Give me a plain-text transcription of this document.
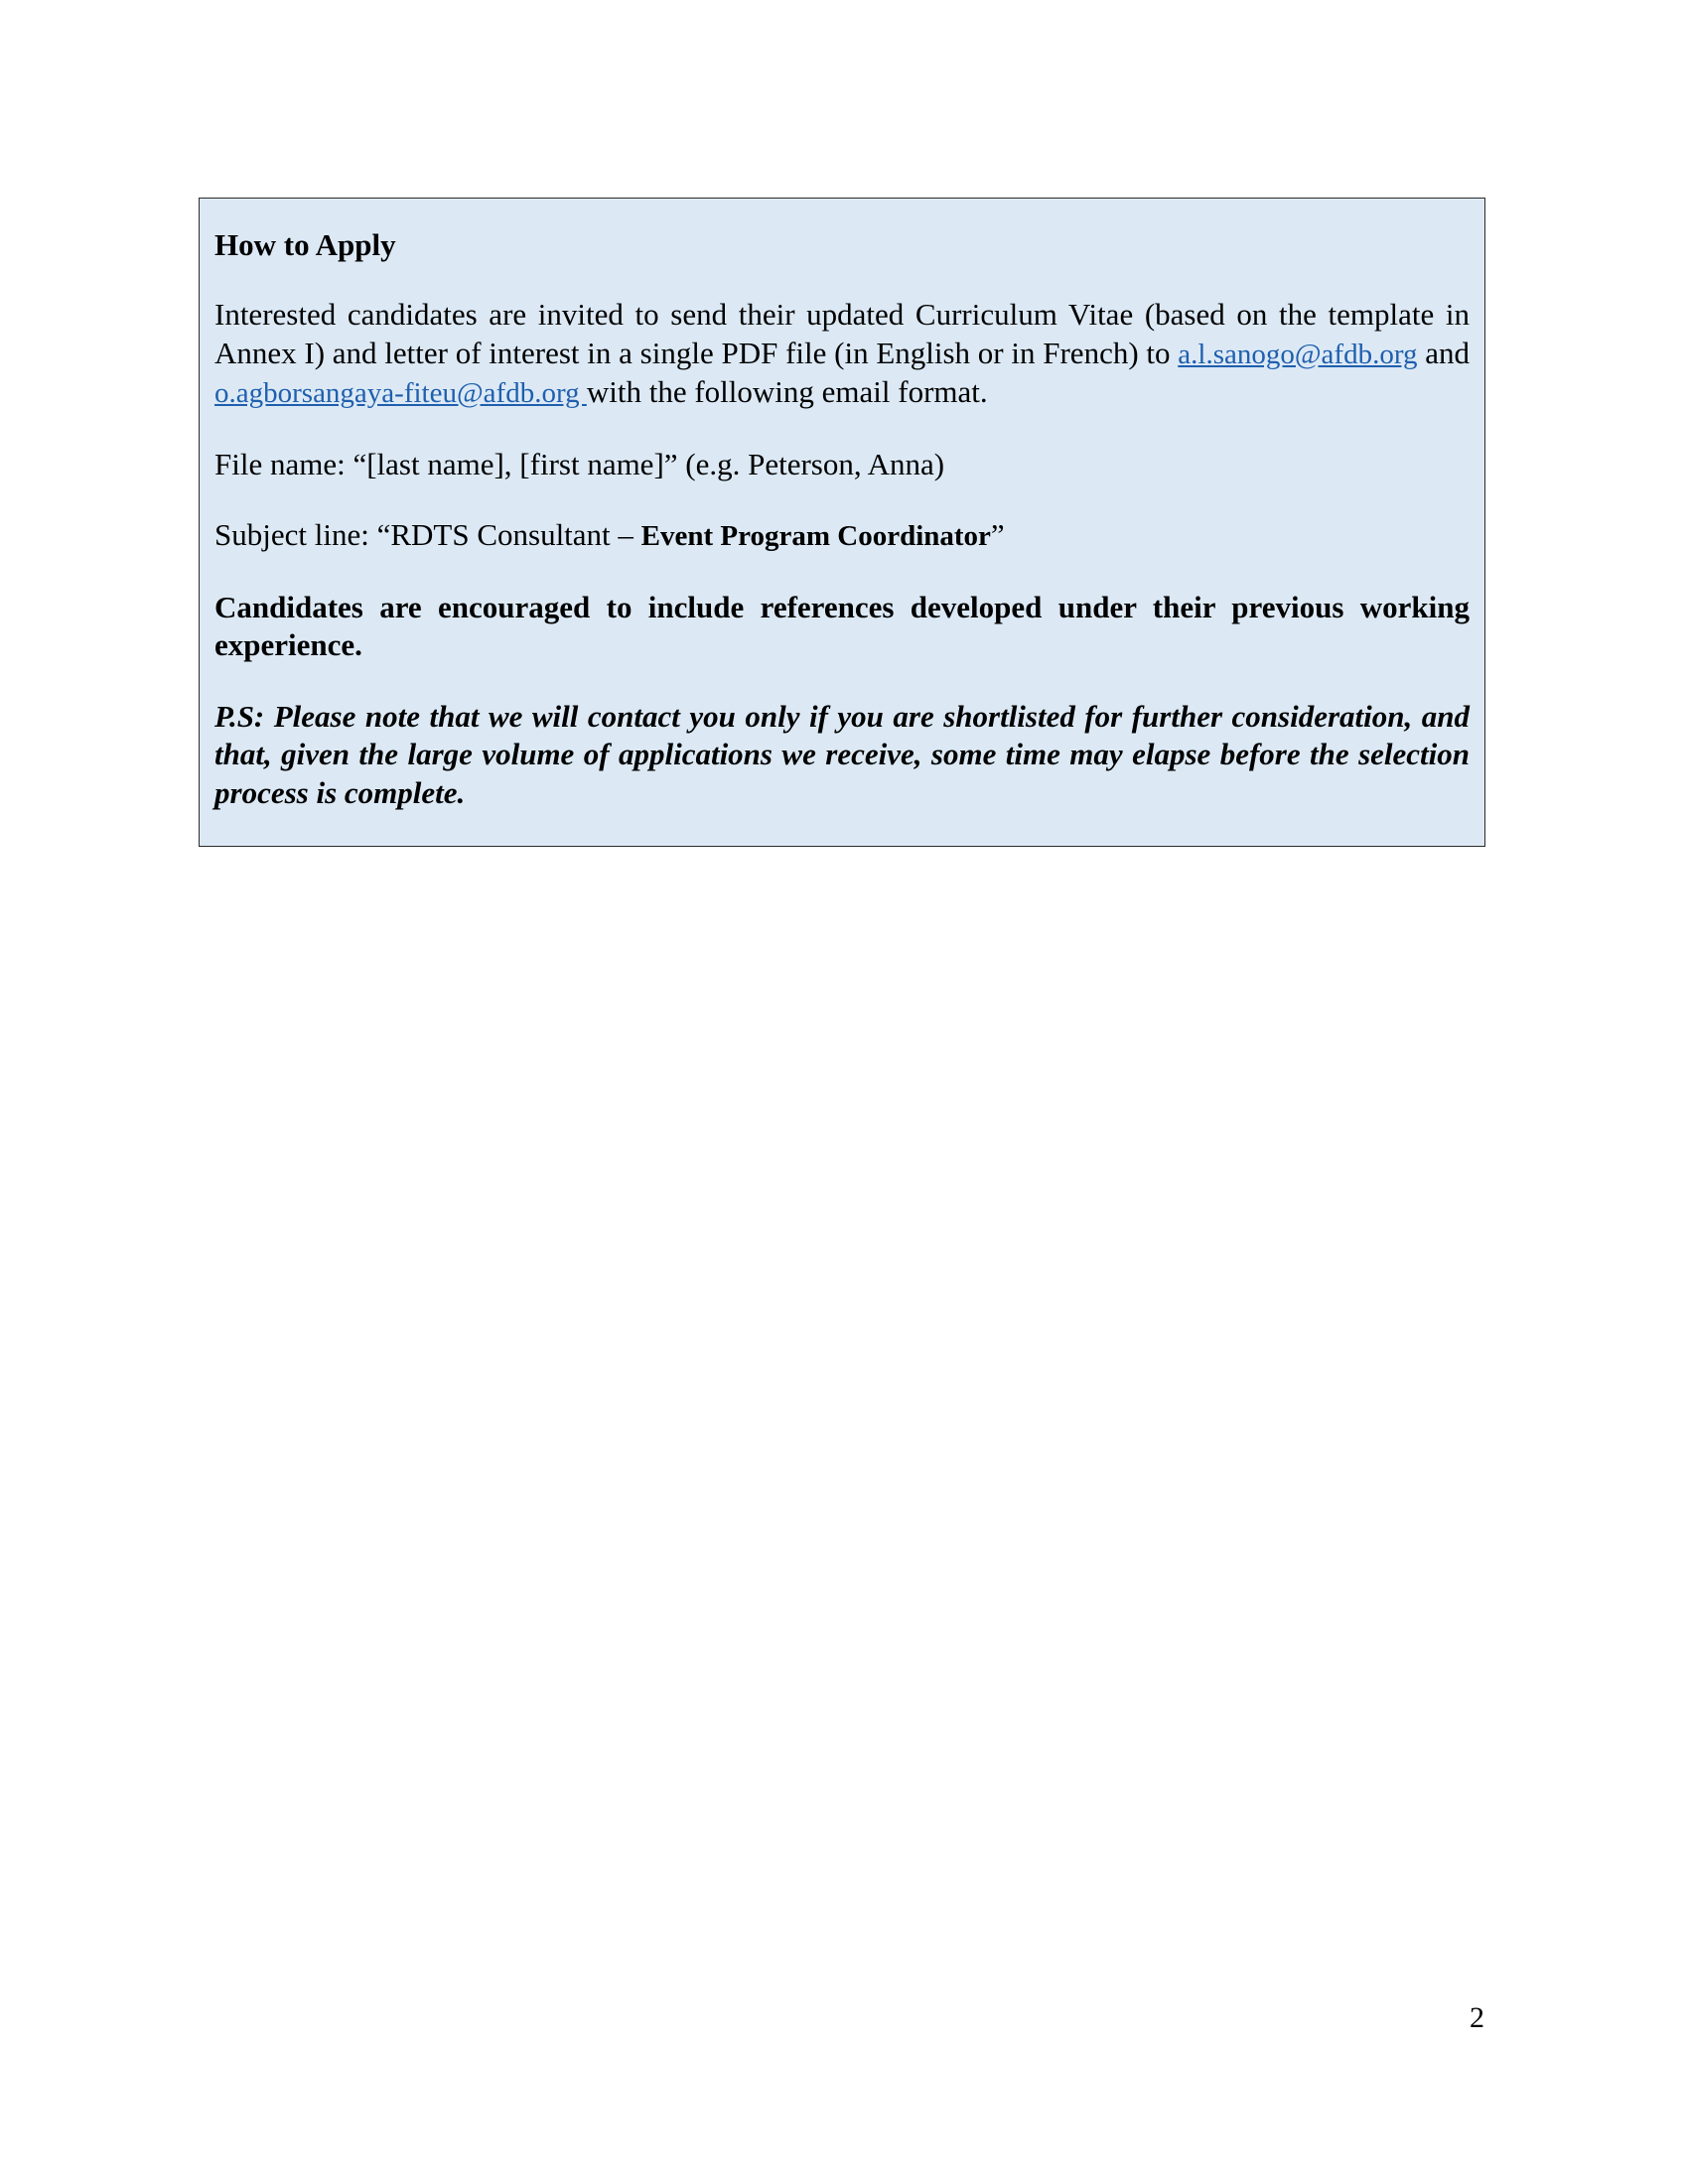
How to Apply

Interested candidates are invited to send their updated Curriculum Vitae (based on the template in Annex I) and letter of interest in a single PDF file (in English or in French) to a.l.sanogo@afdb.org and o.agborsangaya-fiteu@afdb.org with the following email format.

File name: “[last name], [first name]” (e.g. Peterson, Anna)

Subject line: “RDTS Consultant – Event Program Coordinator”

Candidates are encouraged to include references developed under their previous working experience.

P.S: Please note that we will contact you only if you are shortlisted for further consideration, and that, given the large volume of applications we receive, some time may elapse before the selection process is complete.

2
